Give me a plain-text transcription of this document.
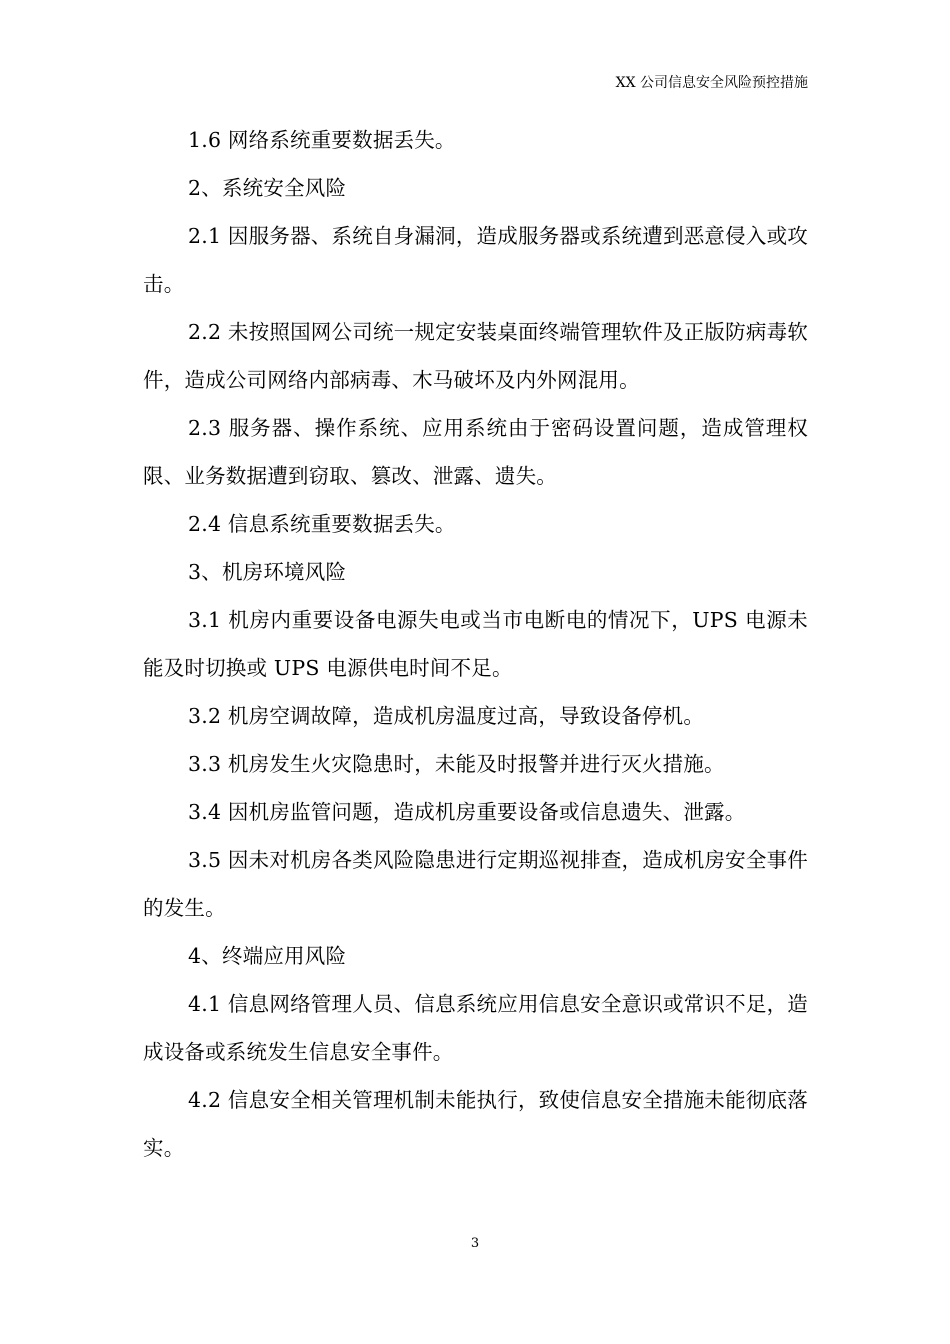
XX 公司信息安全风险预控措施

1.6 网络系统重要数据丢失。

2、系统安全风险

2.1 因服务器、系统自身漏洞，造成服务器或系统遭到恶意侵入或攻击。

2.2 未按照国网公司统一规定安装桌面终端管理软件及正版防病毒软件，造成公司网络内部病毒、木马破坏及内外网混用。

2.3 服务器、操作系统、应用系统由于密码设置问题，造成管理权限、业务数据遭到窃取、篡改、泄露、遗失。

2.4 信息系统重要数据丢失。

3、机房环境风险

3.1 机房内重要设备电源失电或当市电断电的情况下，UPS 电源未能及时切换或 UPS 电源供电时间不足。

3.2 机房空调故障，造成机房温度过高，导致设备停机。

3.3 机房发生火灾隐患时，未能及时报警并进行灭火措施。

3.4 因机房监管问题，造成机房重要设备或信息遗失、泄露。

3.5 因未对机房各类风险隐患进行定期巡视排查，造成机房安全事件的发生。

4、终端应用风险

4.1 信息网络管理人员、信息系统应用信息安全意识或常识不足，造成设备或系统发生信息安全事件。

4.2 信息安全相关管理机制未能执行，致使信息安全措施未能彻底落实。

3
